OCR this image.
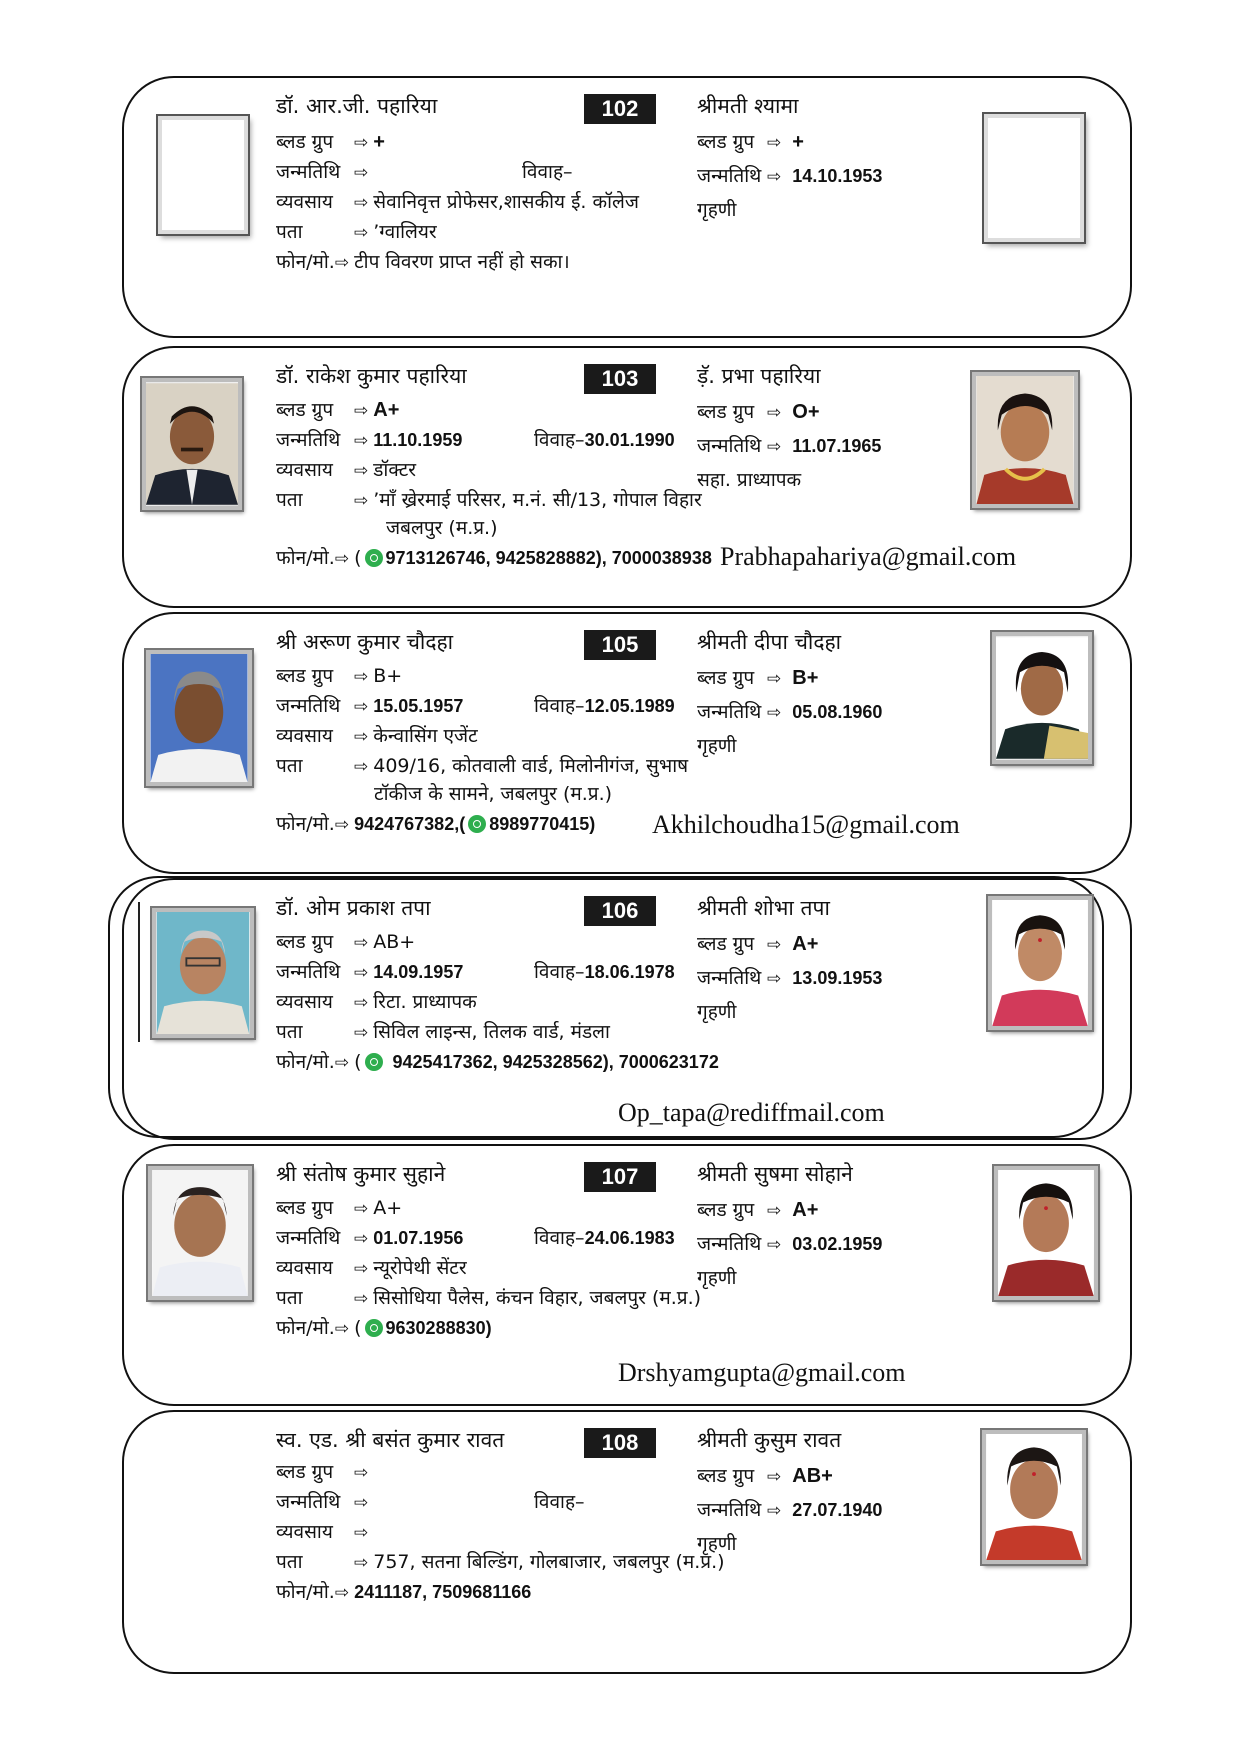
डॉ. आर.जी. पहारिया	102
ब्लड ग्रुप	⇨ +
जन्मतिथि ⇨	विवाह–
व्यवसाय	⇨ सेवानिवृत्त प्रोफेसर,शासकीय ई. कॉलेज
पता	⇨ ’ग्वालियर
फोन/मो. ⇨ टीप विवरण प्राप्त नहीं हो सका।
श्रीमती श्यामा
ब्लड ग्रुप ⇨ +
जन्मतिथि ⇨ 14.10.1953
गृहणी
डॉ. राकेश कुमार पहारिया	103
ब्लड ग्रुप	⇨ A+
जन्मतिथि ⇨ 11.10.1959	विवाह–30.01.1990
व्यवसाय	⇨ डॉक्टर
पता	⇨ ’माँ ख्रेरमाई परिसर, म.नं. सी/13, गोपाल विहार
जबलपुर (म.प्र.)
फोन/मो. ⇨ ( 9713126746, 9425828882), 7000038938
ड़ॅ. प्रभा पहारिया
ब्लड ग्रुप ⇨ O+
जन्मतिथि ⇨ 11.07.1965
सहा. प्राध्यापक
Prabhapahariya@gmail.com
श्री अरूण कुमार चौदहा	105
ब्लड ग्रुप	⇨ B+
जन्मतिथि ⇨ 15.05.1957	विवाह–12.05.1989
व्यवसाय	⇨ केन्वासिंग एजेंट
पता	⇨ 409/16, कोतवाली वार्ड, मिलोनीगंज, सुभाष
टॉकीज के सामने, जबलपुर (म.प्र.)
फोन/मो. ⇨ 9424767382,( 8989770415)
श्रीमती दीपा चौदहा
ब्लड ग्रुप ⇨ B+
जन्मतिथि ⇨ 05.08.1960
गृहणी
Akhilchoudha15@gmail.com
डॉ. ओम प्रकाश तपा	106
ब्लड ग्रुप	⇨ AB+
जन्मतिथि ⇨ 14.09.1957	विवाह–18.06.1978
व्यवसाय	⇨ रिटा. प्राध्यापक
पता	⇨ सिविल लाइन्स, तिलक वार्ड, मंडला
फोन/मो. ⇨ ( 9425417362, 9425328562), 7000623172
श्रीमती शोभा तपा
ब्लड ग्रुप ⇨ A+
जन्मतिथि ⇨ 13.09.1953
गृहणी
Op_tapa@rediffmail.com
श्री संतोष कुमार सुहाने	107
ब्लड ग्रुप	⇨ A+
जन्मतिथि ⇨ 01.07.1956	विवाह–24.06.1983
व्यवसाय	⇨ न्यूरोपेथी सेंटर
पता	⇨ सिसोधिया पैलेस, कंचन विहार, जबलपुर (म.प्र.)
फोन/मो. ⇨ ( 9630288830)
श्रीमती सुषमा सोहाने
ब्लड ग्रुप ⇨ A+
जन्मतिथि ⇨ 03.02.1959
गृहणी
Drshyamgupta@gmail.com
स्व. एड. श्री बसंत कुमार रावत	108
ब्लड ग्रुप	⇨
जन्मतिथि ⇨	विवाह–
व्यवसाय	⇨
पता	⇨ 757, सतना बिल्डिंग, गोलबाजार, जबलपुर (म.प्र.)
फोन/मो. ⇨ 2411187, 7509681166
श्रीमती कुसुम रावत
ब्लड ग्रुप ⇨ AB+
जन्मतिथि ⇨ 27.07.1940
गृहणी
